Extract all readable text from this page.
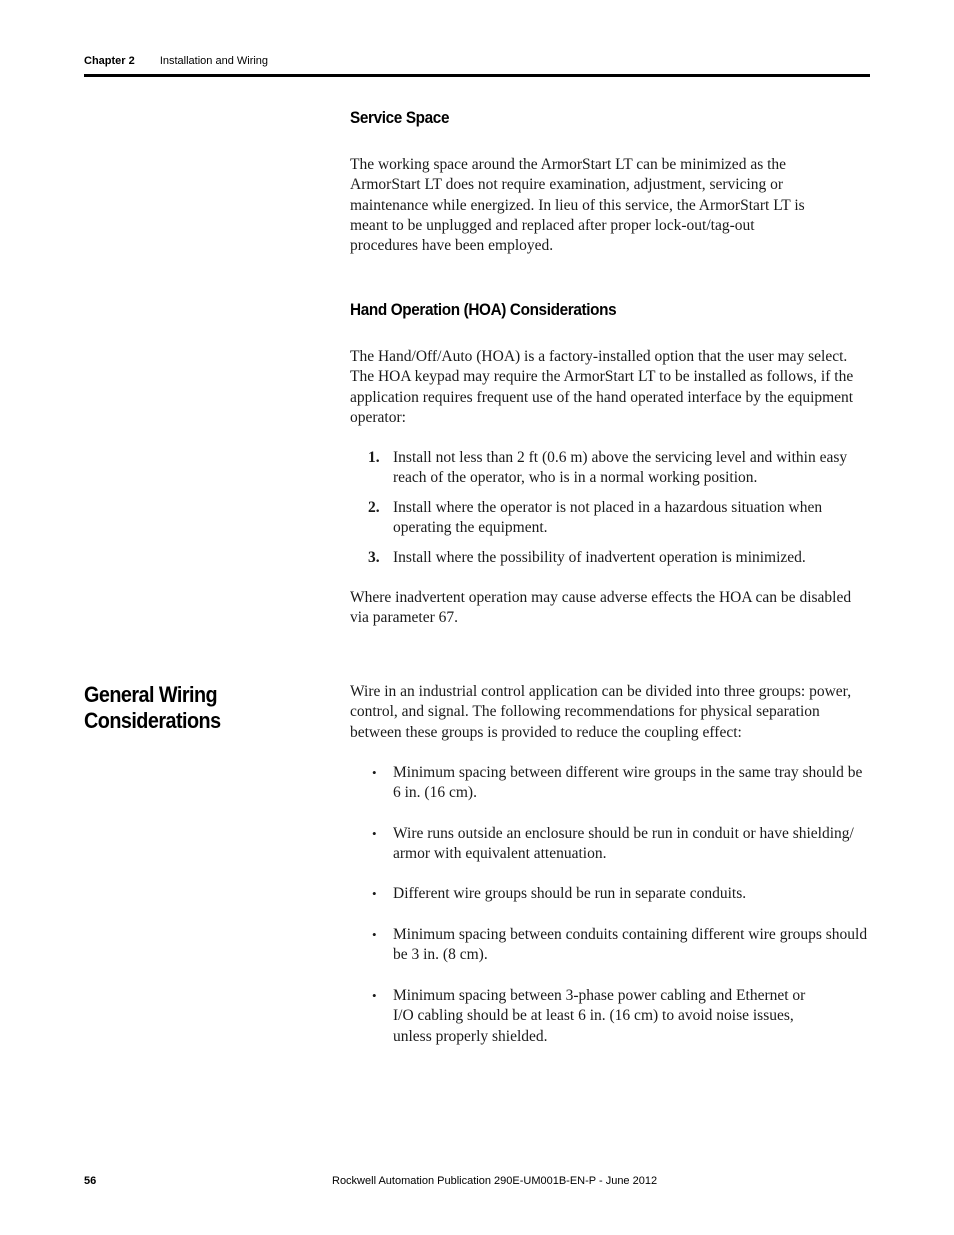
Chapter 2 Installation and Wiring
Service Space

The working space around the ArmorStart LT can be minimized as the ArmorStart LT does not require examination, adjustment, servicing or maintenance while energized. In lieu of this service, the ArmorStart LT is meant to be unplugged and replaced after proper lock-out/tag-out procedures have been employed.

Hand Operation (HOA) Considerations

The Hand/Off/Auto (HOA) is a factory-installed option that the user may select. The HOA keypad may require the ArmorStart LT to be installed as follows, if the application requires frequent use of the hand operated interface by the equipment operator:

1. Install not less than 2 ft (0.6 m) above the servicing level and within easy reach of the operator, who is in a normal working position.
2. Install where the operator is not placed in a hazardous situation when operating the equipment.
3. Install where the possibility of inadvertent operation is minimized.

Where inadvertent operation may cause adverse effects the HOA can be disabled via parameter 67.

General Wiring
Considerations

Wire in an industrial control application can be divided into three groups: power, control, and signal. The following recommendations for physical separation between these groups is provided to reduce the coupling effect:

• Minimum spacing between different wire groups in the same tray should be 6 in. (16 cm).
• Wire runs outside an enclosure should be run in conduit or have shielding/ armor with equivalent attenuation.
• Different wire groups should be run in separate conduits.
• Minimum spacing between conduits containing different wire groups should be 3 in. (8 cm).
• Minimum spacing between 3-phase power cabling and Ethernet or I/O cabling should be at least 6 in. (16 cm) to avoid noise issues, unless properly shielded.
56	Rockwell Automation Publication 290E-UM001B-EN-P - June 2012
